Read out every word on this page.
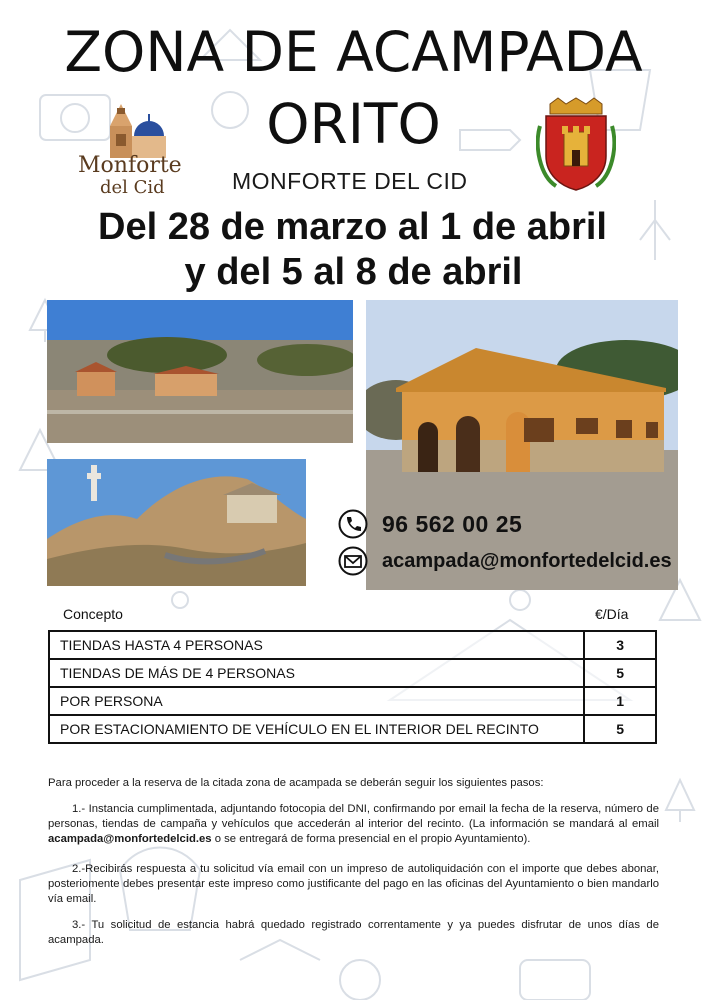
ZONA DE ACAMPADA
ORITO
Monforte
del Cid	MONFORTE DEL CID
Del 28 de marzo al 1 de abril
y del 5 al 8 de abril
96 562 00 25
acampada@monfortedelcid.es
Concepto	€/Día
TIENDAS HASTA 4 PERSONAS	3
TIENDAS DE MÁS DE 4 PERSONAS	5
POR PERSONA	1
POR ESTACIONAMIENTO DE VEHÍCULO EN EL INTERIOR DEL RECINTO	5
Para proceder a la reserva de la citada zona de acampada se deberán seguir los siguientes pasos:
1.- Instancia cumplimentada, adjuntando fotocopia del DNI, confirmando por email la fecha de la reserva, número de personas, tiendas de campaña y vehículos que accederán al interior del recinto. (La información se mandará al email acampada@monfortedelcid.es o se entregará de forma presencial en el propio Ayuntamiento).
2.-Recibirás respuesta a tu solicitud vía email con un impreso de autoliquidación con el importe que debes abonar, posteriomente debes presentar este impreso como justificante del pago en las oficinas del Ayuntamiento o bien mandarlo vía email.
3.- Tu solicitud de estancia habrá quedado registrado correntamente y ya puedes disfrutar de unos días de acampada.
